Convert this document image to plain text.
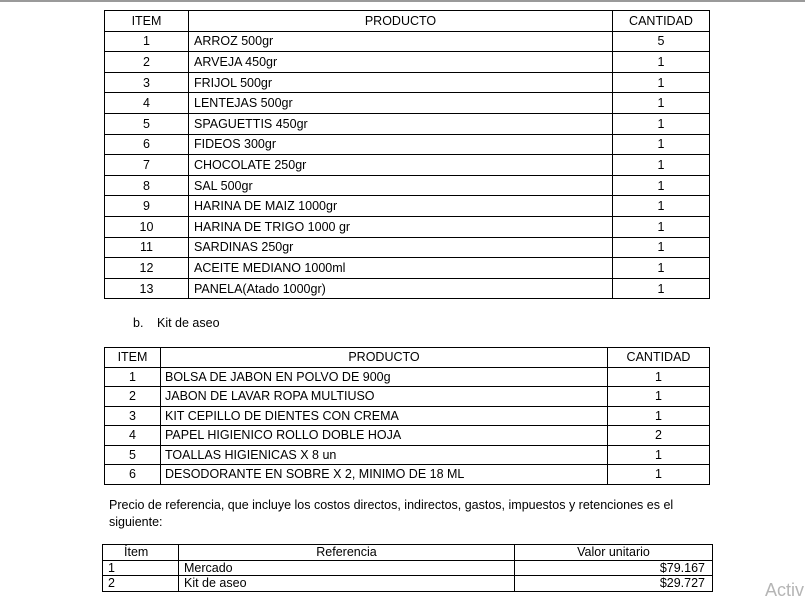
ITEM	PRODUCTO	CANTIDAD
1	ARROZ 500gr	5
2	ARVEJA 450gr	1
3	FRIJOL 500gr	1
4	LENTEJAS 500gr	1
5	SPAGUETTIS 450gr	1
6	FIDEOS 300gr	1
7	CHOCOLATE 250gr	1
8	SAL 500gr	1
9	HARINA DE MAIZ 1000gr	1
10	HARINA DE TRIGO 1000 gr	1
11	SARDINAS 250gr	1
12	ACEITE MEDIANO 1000ml	1
13	PANELA(Atado 1000gr)	1
b. Kit de aseo
ITEM	PRODUCTO	CANTIDAD
1	BOLSA DE JABON EN POLVO DE 900g	1
2	JABON DE LAVAR ROPA MULTIUSO	1
3	KIT CEPILLO DE DIENTES CON CREMA	1
4	PAPEL HIGIENICO ROLLO DOBLE HOJA	2
5	TOALLAS HIGIENICAS X 8 un	1
6	DESODORANTE EN SOBRE X 2, MINIMO DE 18 ML	1
Precio de referencia, que incluye los costos directos, indirectos, gastos, impuestos y retenciones es el siguiente:
Ítem	Referencia	Valor unitario
1	Mercado	$79.167
2	Kit de aseo	$29.727	Activ
